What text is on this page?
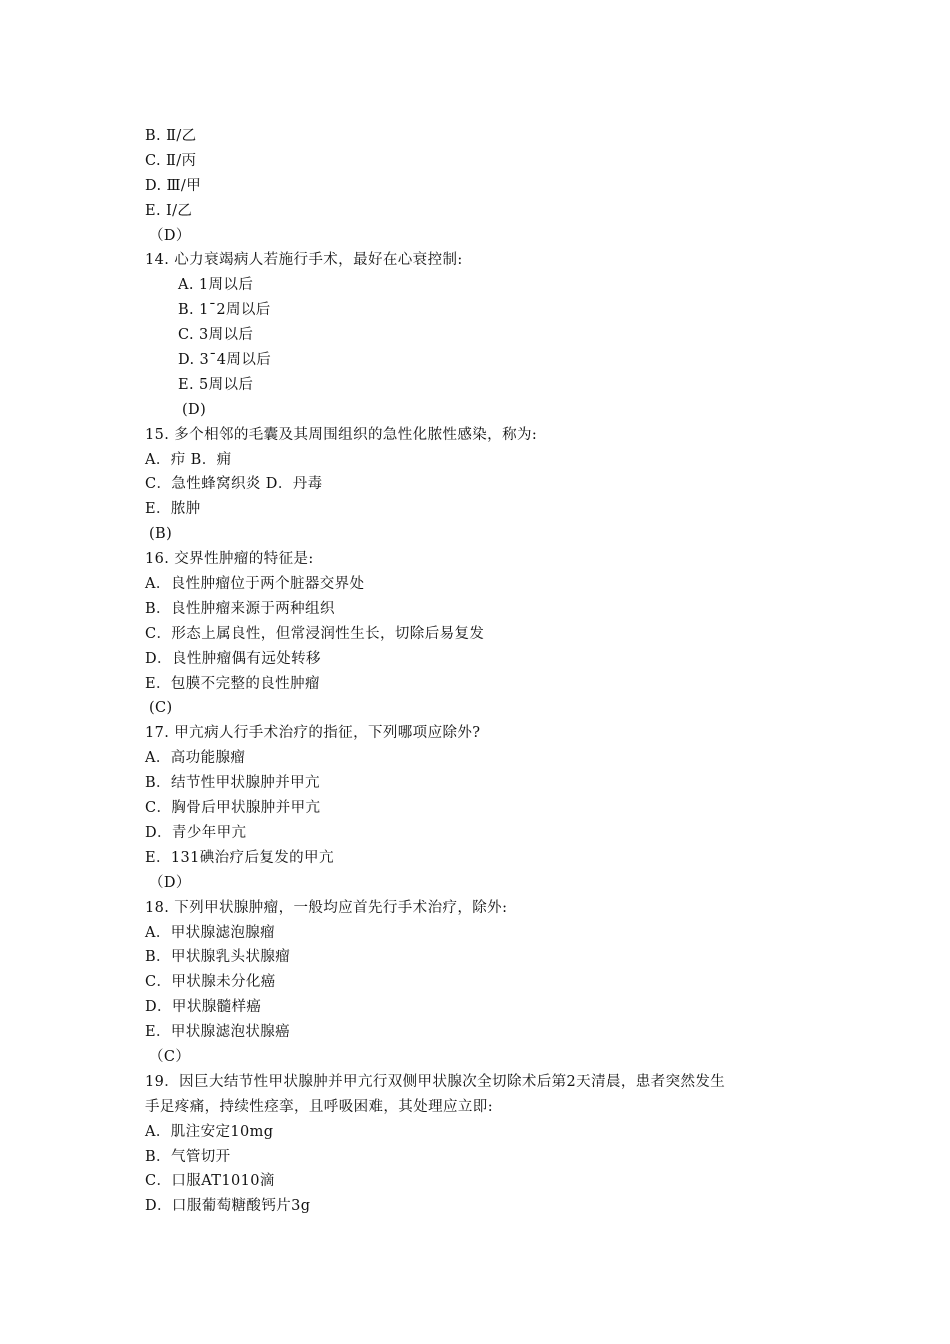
B. Ⅱ/乙
C. Ⅱ/丙
D. Ⅲ/甲
E. Ⅰ/乙
（D）
14. 心力衰竭病人若施行手术，最好在心衰控制:
A. 1周以后
B. 1¯2周以后
C. 3周以后
D. 3¯4周以后
E. 5周以后
(D)
15. 多个相邻的毛囊及其周围组织的急性化脓性感染，称为:
A．疖 B．痈
C．急性蜂窝织炎 D．丹毒
E．脓肿
(B)
16. 交界性肿瘤的特征是:
A．良性肿瘤位于两个脏器交界处
B．良性肿瘤来源于两种组织
C．形态上属良性，但常浸润性生长，切除后易复发
D．良性肿瘤偶有远处转移
E．包膜不完整的良性肿瘤
(C)
17. 甲亢病人行手术治疗的指征，下列哪项应除外?
A．高功能腺瘤
B．结节性甲状腺肿并甲亢
C．胸骨后甲状腺肿并甲亢
D．青少年甲亢
E．131碘治疗后复发的甲亢
（D）
18. 下列甲状腺肿瘤，一般均应首先行手术治疗，除外:
A．甲状腺滤泡腺瘤
B．甲状腺乳头状腺瘤
C．甲状腺未分化癌
D．甲状腺髓样癌
E．甲状腺滤泡状腺癌
（C）
19．因巨大结节性甲状腺肿并甲亢行双侧甲状腺次全切除术后第2天清晨，患者突然发生
手足疼痛，持续性痉挛，且呼吸困难，其处理应立即:
A．肌注安定10mg
B．气管切开
C．口服AT1010滴
D．口服葡萄糖酸钙片3g
